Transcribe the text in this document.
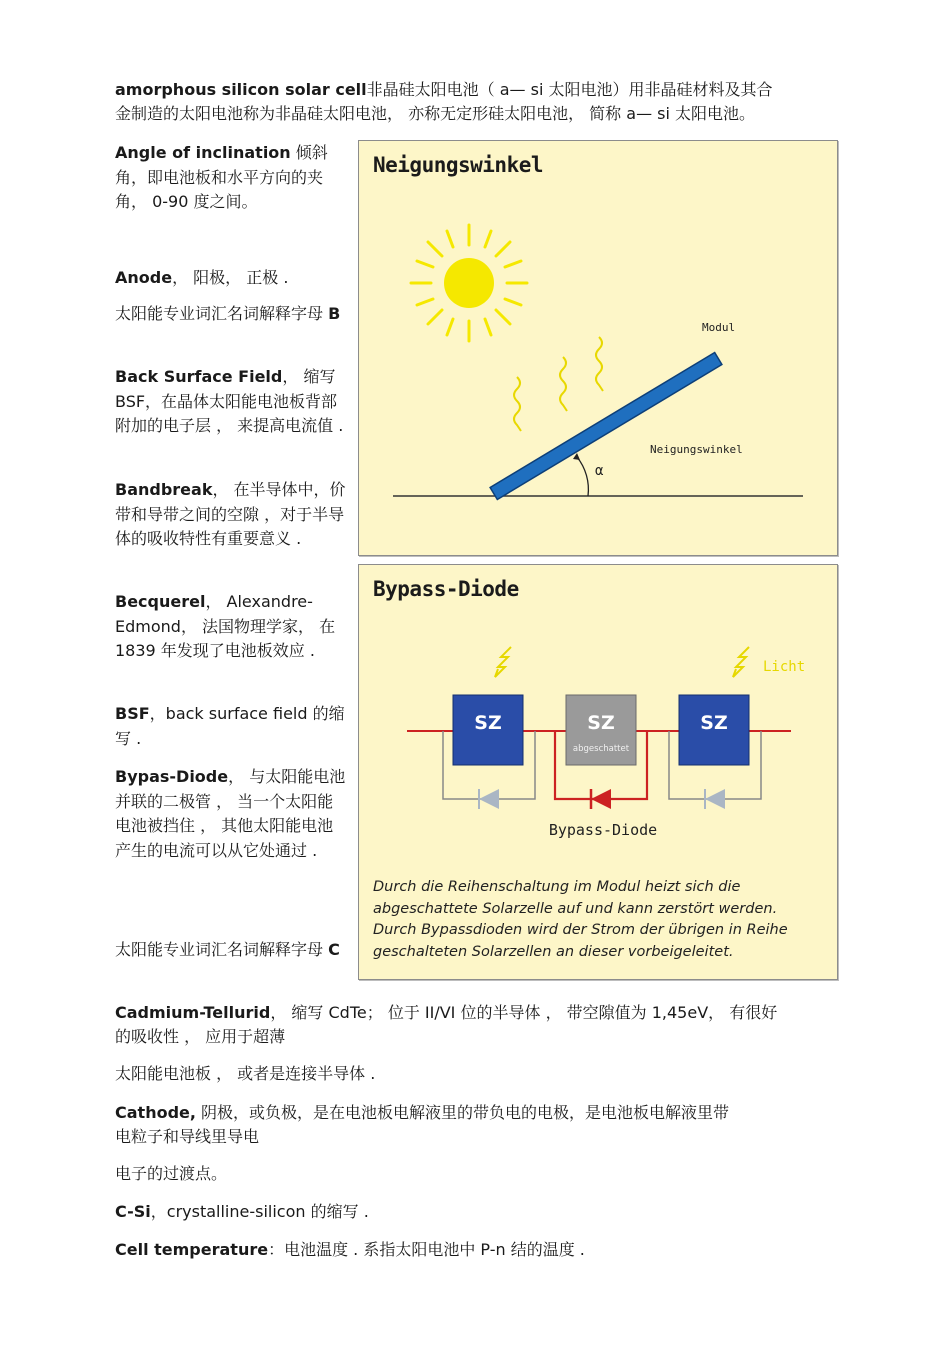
amorphous silicon solar cell非晶硅太阳电池（ a— si 太阳电池）用非晶硅材料及其合
金制造的太阳电池称为非晶硅太阳电池， 亦称无定形硅太阳电池， 简称 a— si 太阳电池。
Angle of inclination 倾斜角，即电池板和水平方向的夹角， 0-90 度之间。
Anode， 阳极， 正极 .
太阳能专业词汇名词解释字母 B
Back Surface Field， 缩写 BSF，在晶体太阳能电池板背部附加的电子层 ， 来提高电流值 .
Bandbreak， 在半导体中，价带和导带之间的空隙 ，对于半导体的吸收特性有重要意义 .
Becquerel， Alexandre-Edmond， 法国物理学家， 在1839 年发现了电池板效应 .
BSF，back surface field 的缩写 .
Bypas-Diode， 与太阳能电池并联的二极管 ， 当一个太阳能电池被挡住 ， 其他太阳能电池产生的电流可以从它处通过 .
太阳能专业词汇名词解释字母 C
Cadmium-Tellurid， 缩写 CdTe； 位于 II/VI 位的半导体 ， 带空隙值为 1,45eV， 有很好
的吸收性 ， 应用于超薄
太阳能电池板 ， 或者是连接半导体 .
Cathode, 阴极，或负极，是在电池板电解液里的带负电的电极，是电池板电解液里带
电粒子和导线里导电
电子的过渡点。
C-Si，crystalline-silicon 的缩写 .
Cell temperature：电池温度 . 系指太阳电池中 P-n 结的温度 .
Neigungswinkel
α
Modul
Neigungswinkel
Bypass-Diode
Licht
SZ	SZ
abgeschattet
SZ
Bypass-Diode
Durch die Reihenschaltung im Modul heizt sich die abgeschattete Solarzelle auf und kann zerstört werden. Durch Bypassdioden wird der Strom der übrigen in Reihe geschalteten Solarzellen an dieser vorbeigeleitet.
